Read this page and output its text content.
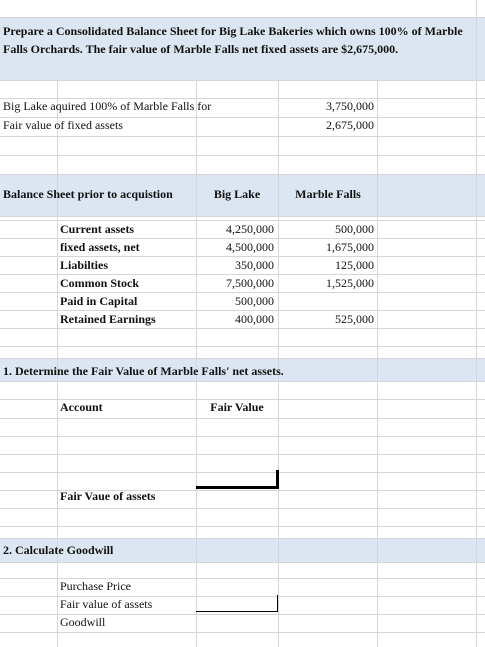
Prepare a Consolidated Balance Sheet for Big Lake Bakeries which owns 100% of Marble Falls Orchards. The fair value of Marble Falls net fixed assets are $2,675,000.
Big Lake aquired 100% of Marble Falls for	3,750,000
Fair value of fixed assets	2,675,000
Balance Sheet prior to acquistion	Big Lake	Marble Falls
Current assets	4,250,000	500,000
fixed assets, net	4,500,000	1,675,000
Liabilties	350,000	125,000
Common Stock	7,500,000	1,525,000
Paid in Capital	500,000
Retained Earnings	400,000	525,000
1. Determine the Fair Value of Marble Falls' net assets.
Account	Fair Value
Fair Vaue of assets
2. Calculate Goodwill
Purchase Price
Fair value of assets
Goodwill
